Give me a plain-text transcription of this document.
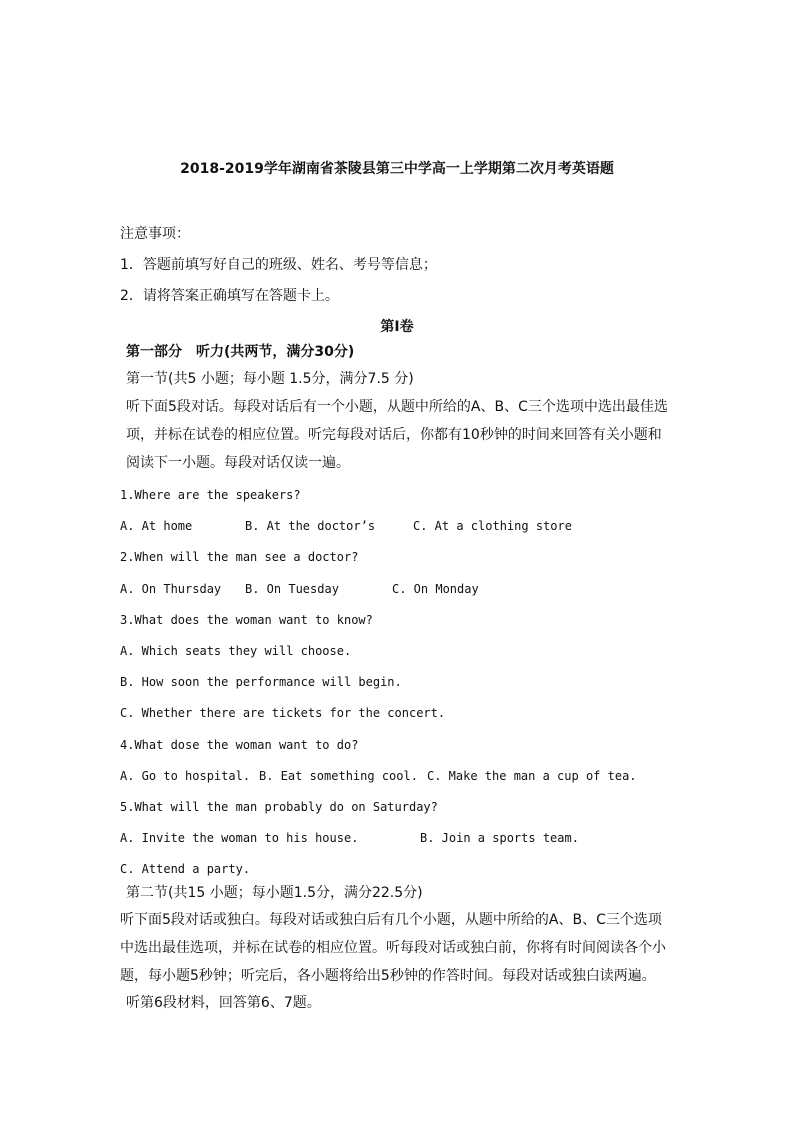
2018-2019学年湖南省茶陵县第三中学高一上学期第二次月考英语题
注意事项：
1．答题前填写好自己的班级、姓名、考号等信息；
2．请将答案正确填写在答题卡上。
第I卷
第一部分　听力(共两节，满分30分)
第一节(共5 小题；每小题 1.5分，满分7.5 分)
听下面5段对话。每段对话后有一个小题，从题中所给的A、B、C三个选项中选出最佳选
项，并标在试卷的相应位置。听完每段对话后，你都有10秒钟的时间来回答有关小题和
阅读下一小题。每段对话仅读一遍。
1.Where are the speakers?
A. At home	B. At the doctor’s	C. At a clothing store
2.When will the man see a doctor?
A. On Thursday B. On Tuesday	C. On Monday
3.What does the woman want to know?
A. Which seats they will choose.
B. How soon the performance will begin.
C. Whether there are tickets for the concert.
4.What dose the woman want to do?
A. Go to hospital. B. Eat something cool. C. Make the man a cup of tea.
5.What will the man probably do on Saturday?
A. Invite the woman to his house.	B. Join a sports team.
C. Attend a party.
第二节(共15 小题；每小题1.5分，满分22.5分)
听下面5段对话或独白。每段对话或独白后有几个小题，从题中所给的A、B、C三个选项
中选出最佳选项，并标在试卷的相应位置。听每段对话或独白前，你将有时间阅读各个小
题，每小题5秒钟；听完后，各小题将给出5秒钟的作答时间。每段对话或独白读两遍。
听第6段材料，回答第6、7题。
